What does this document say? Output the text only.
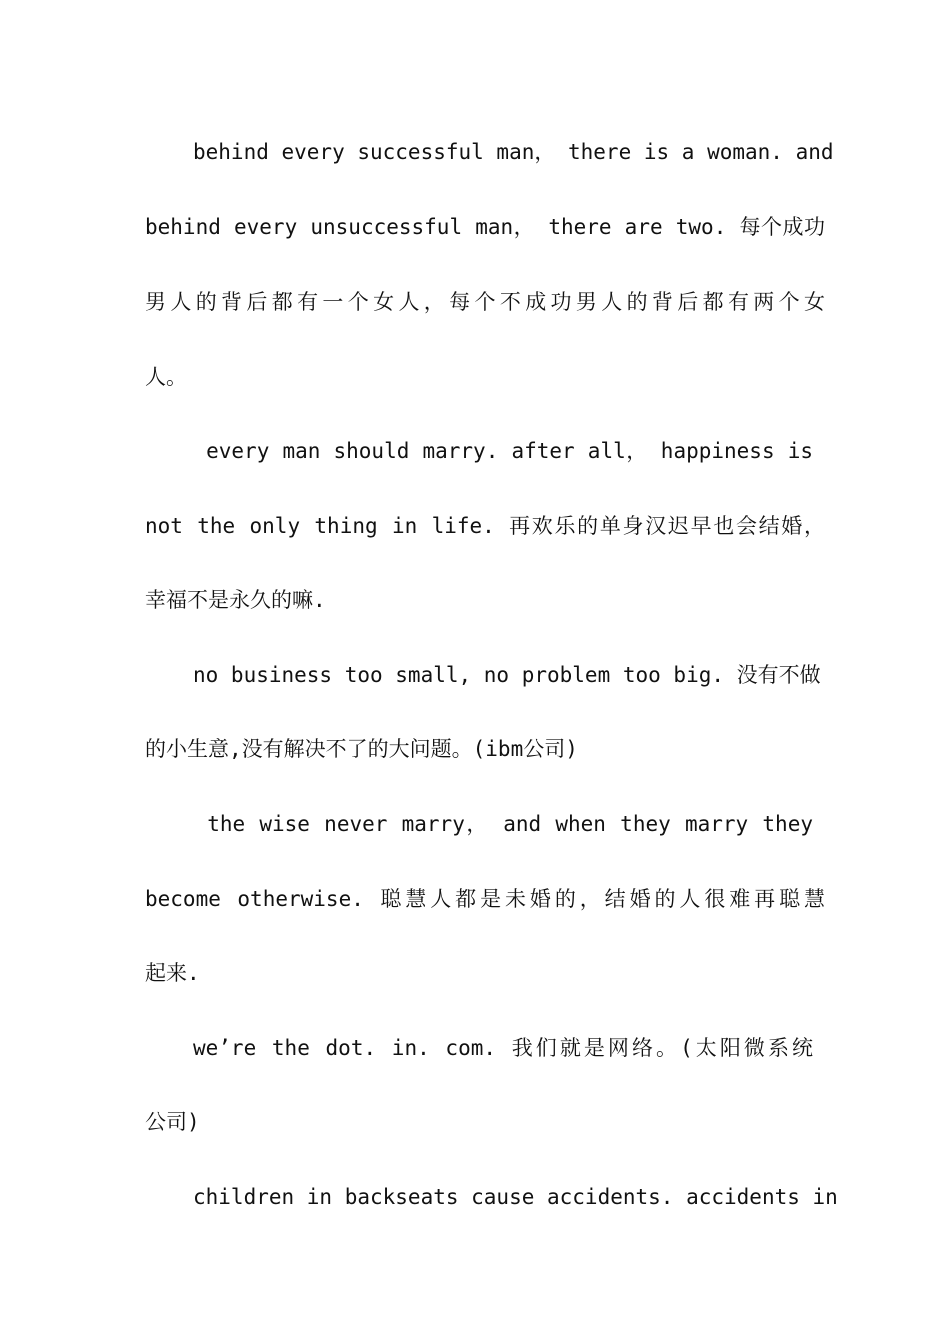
behind every successful man， there is a woman. and
behind every unsuccessful man， there are two. 每个成功
男人的背后都有一个女人，每个不成功男人的背后都有两个女
人。
every man should marry. after all， happiness is
not the only thing in life. 再欢乐的单身汉迟早也会结婚，
幸福不是永久的嘛.
no business too small, no problem too big. 没有不做
的小生意,没有解决不了的大问题。(ibm公司)
the wise never marry， and when they marry they
become otherwise. 聪慧人都是未婚的，结婚的人很难再聪慧
起来.
we’re the dot. in. com. 我们就是网络。(太阳微系统
公司)
children in backseats cause accidents. accidents in
